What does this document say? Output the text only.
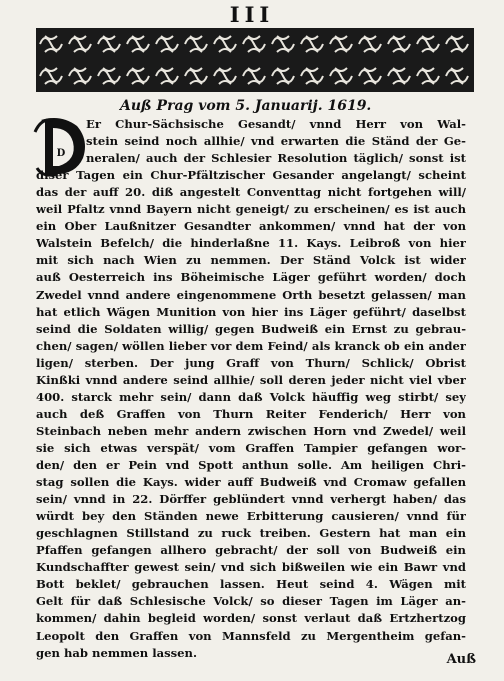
III
Auß Prag vom 5. Januarij. 1619.
D
Er Chur-Sächsische Gesandt/ vnnd Herr von Wal-
stein seind noch allhie/ vnd erwarten die Ständ der Ge-
neralen/ auch der Schlesier Resolution täglich/ sonst ist
diser Tagen ein Chur-Pfältzischer Gesander angelangt/ scheint
das der auff 20. diß angestelt Conventtag nicht fortgehen will/
weil Pfaltz vnnd Bayern nicht geneigt/ zu erscheinen/ es ist auch
ein Ober Laußnitzer Gesandter ankommen/ vnnd hat der von
Walstein Befelch/ die hinderlaßne 11. Kays. Leibroß von hier
mit sich nach Wien zu nemmen. Der Ständ Volck ist wider
auß Oesterreich ins Böheimische Läger geführt worden/ doch
Zwedel vnnd andere eingenommene Orth besetzt gelassen/ man
hat etlich Wägen Munition von hier ins Läger geführt/ daselbst
seind die Soldaten willig/ gegen Budweiß ein Ernst zu gebrau-
chen/ sagen/ wöllen lieber vor dem Feind/ als kranck ob ein ander
ligen/ sterben. Der jung Graff von Thurn/ Schlick/ Obrist
Kinßki vnnd andere seind allhie/ soll deren jeder nicht viel vber
400. starck mehr sein/ dann daß Volck häuffig weg stirbt/ sey
auch deß Graffen von Thurn Reiter Fenderich/ Herr von
Steinbach neben mehr andern zwischen Horn vnd Zwedel/ weil
sie sich etwas verspät/ vom Graffen Tampier gefangen wor-
den/ den er Pein vnd Spott anthun solle. Am heiligen Chri-
stag sollen die Kays. wider auff Budweiß vnd Cromaw gefallen
sein/ vnnd in 22. Dörffer geblündert vnnd verhergt haben/ das
würdt bey den Ständen newe Erbitterung causieren/ vnnd für
geschlagnen Stillstand zu ruck treiben. Gestern hat man ein
Pfaffen gefangen allhero gebracht/ der soll von Budweiß ein
Kundschaffter gewest sein/ vnd sich bißweilen wie ein Bawr vnd
Bott beklet/ gebrauchen lassen. Heut seind 4. Wägen mit
Gelt für daß Schlesische Volck/ so dieser Tagen im Läger an-
kommen/ dahin begleid worden/ sonst verlaut daß Ertzhertzog
Leopolt den Graffen von Mannsfeld zu Mergentheim gefan-
gen hab nemmen lassen.	Auß
